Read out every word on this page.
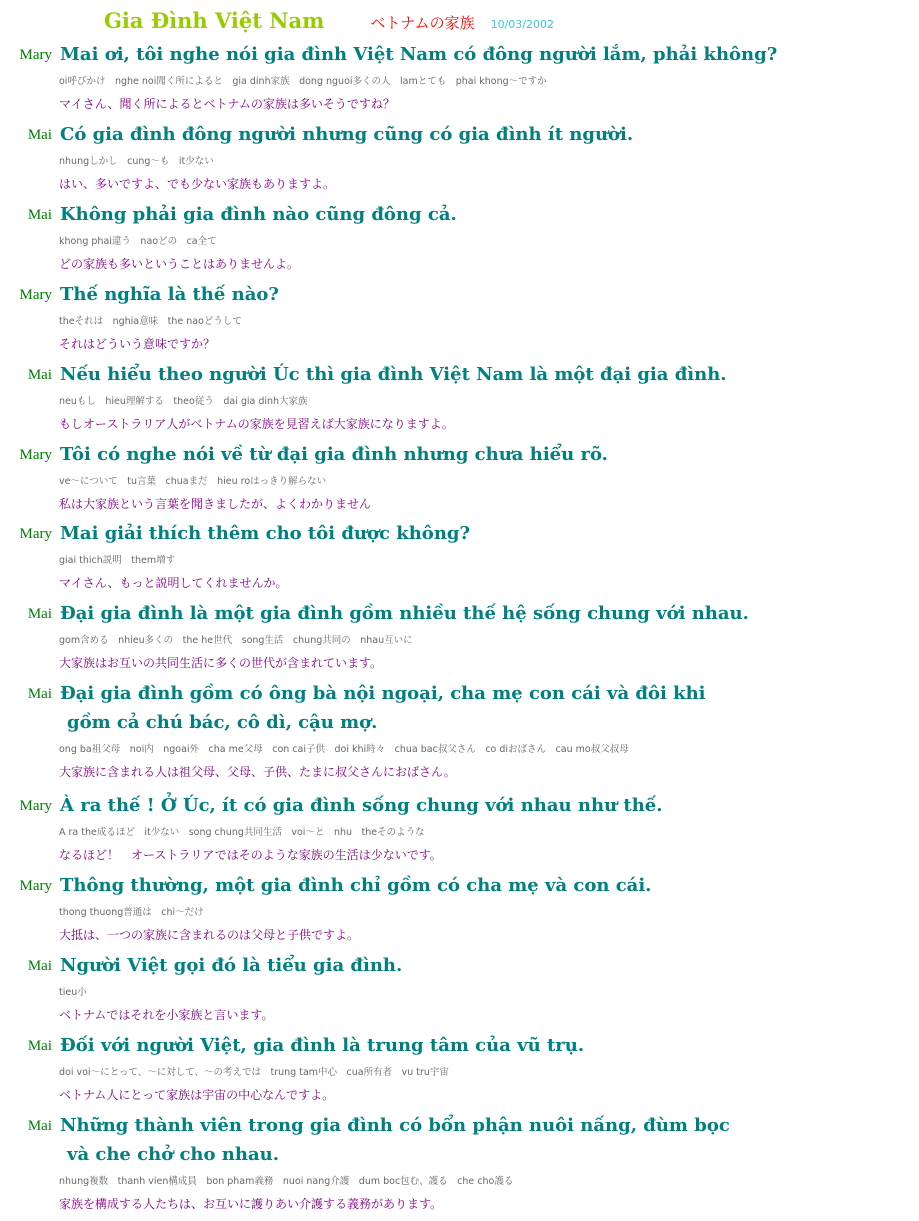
Gia Đình Việt Nam	ベトナムの家族 10/03/2002
Mary Mai ơi, tôi nghe nói gia đình Việt Nam có đông người lắm, phải không?
oi呼びかけ　nghe noi聞く所によると　gia dinh家族　dong nguoi多くの人　lamとても　phai khong〜ですか
マイさん、聞く所によるとベトナムの家族は多いそうですね？
Mai Có gia đình đông người nhưng cũng có gia đình ít người.
nhungしかし　cung〜も　it少ない
はい、多いですよ、でも少ない家族もありますよ。
Mai Không phải gia đình nào cũng đông cả.
khong phai違う　naoどの　ca全て
どの家族も多いということはありませんよ。
Mary Thế nghĩa là thế nào?
theそれは　nghia意味　the naoどうして
それはどういう意味ですか？
Mai Nếu hiểu theo người Úc thì gia đình Việt Nam là một đại gia đình.
neuもし　hieu理解する　theo従う　dai gia dinh大家族
もしオーストラリア人がベトナムの家族を見習えば大家族になりますよ。
Mary Tôi có nghe nói về từ đại gia đình nhưng chưa hiểu rõ.
ve〜について　tu言葉　chuaまだ　hieu roはっきり解らない
私は大家族という言葉を聞きましたが、よくわかりません
Mary Mai giải thích thêm cho tôi được không?
giai thich説明　them増す
マイさん、もっと説明してくれませんか。
Mai Đại gia đình là một gia đình gồm nhiều thế hệ sống chung với nhau.
gom含める　nhieu多くの　the he世代　song生活　chung共同の　nhau互いに
大家族はお互いの共同生活に多くの世代が含まれています。
Mai Đại gia đình gồm có ông bà nội ngoại, cha mẹ con cái và đôi khi
gồm cả chú bác, cô dì, cậu mợ.
ong ba祖父母　noi内　ngoai外　cha me父母　con cai子供　doi khi時々　chua bac叔父さん　co diおばさん　cau mo叔父叔母
大家族に含まれる人は祖父母、父母、子供、たまに叔父さんにおばさん。
Mary À ra thế ! Ở Úc, ít có gia đình sống chung với nhau như thế.
A ra the成るほど　it少ない　song chung共同生活　voi〜と　nhu　theそのような
なるほど！　オーストラリアではそのような家族の生活は少ないです。
Mary Thông thường, một gia đình chỉ gồm có cha mẹ và con cái.
thong thuong普通は　chi〜だけ
大抵は、一つの家族に含まれるのは父母と子供ですよ。
Mai Người Việt gọi đó là tiểu gia đình.
tieu小
ベトナムではそれを小家族と言います。
Mai Đối với người Việt, gia đình là trung tâm của vũ trụ.
doi voi〜にとって、〜に対して、〜の考えでは　trung tam中心　cua所有者　vu tru宇宙
ベトナム人にとって家族は宇宙の中心なんですよ。
Mai Những thành viên trong gia đình có bổn phận nuôi nấng, đùm bọc
và che chở cho nhau.
nhung複数　thanh vien構成員　bon pham義務　nuoi nang介護　dum boc包む、護る　che cho護る
家族を構成する人たちは、お互いに護りあい介護する義務があります。
